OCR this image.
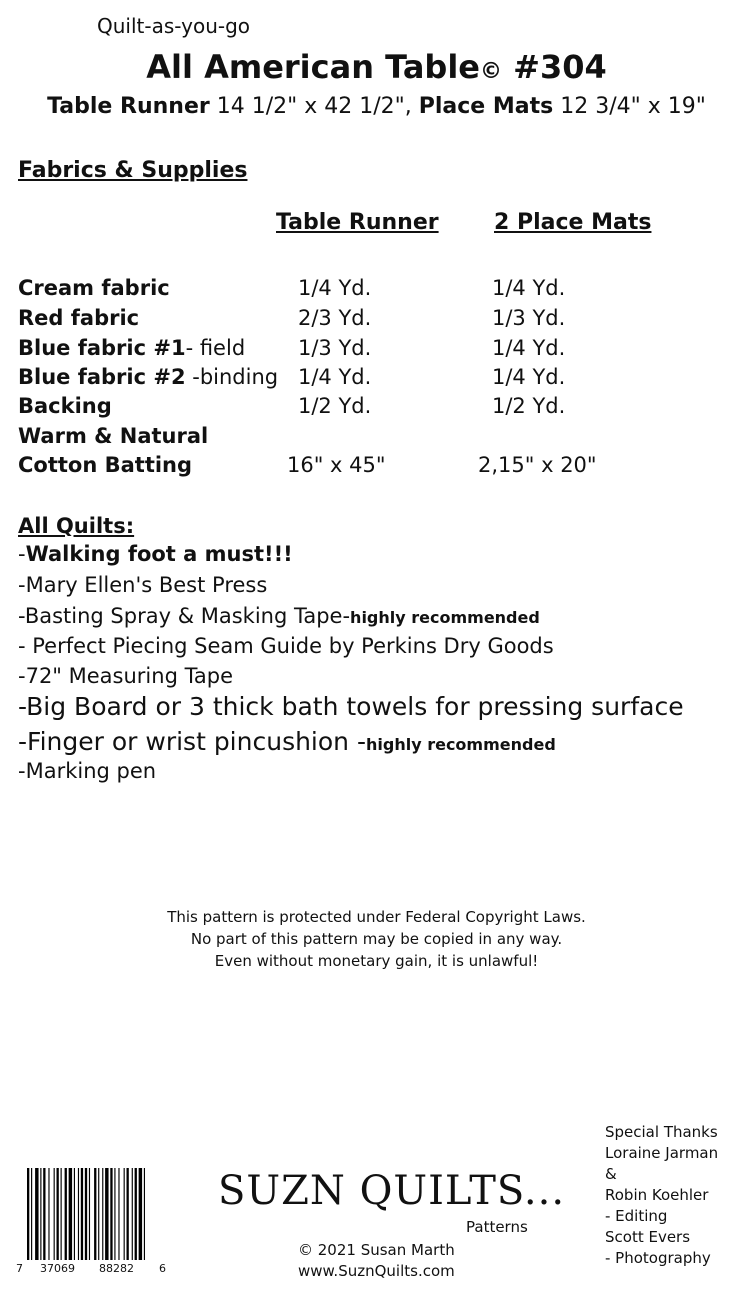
Quilt-as-you-go
All American Table© #304
Table Runner 14 1/2" x 42 1/2", Place Mats 12 3/4" x 19"
Fabrics & Supplies
Table Runner	2 Place Mats
Cream fabric	1/4 Yd.	1/4 Yd.
Red fabric	2/3 Yd.	1/3 Yd.
Blue fabric #1- field	1/3 Yd.	1/4 Yd.
Blue fabric #2 -binding 1/4 Yd.	1/4 Yd.
Backing	1/2 Yd.	1/2 Yd.
Warm & Natural
Cotton Batting	16" x 45"	2,15" x 20"
All Quilts:
-Walking foot a must!!!
-Mary Ellen's Best Press
-Basting Spray & Masking Tape-highly recommended
- Perfect Piecing Seam Guide by Perkins Dry Goods
-72" Measuring Tape
-Big Board or 3 thick bath towels for pressing surface
-Finger or wrist pincushion -highly recommended
-Marking pen
This pattern is protected under Federal Copyright Laws.
No part of this pattern may be copied in any way.
Even without monetary gain, it is unlawful!
7 37069 88282 6
SUZN QUILTS...
Patterns
© 2021 Susan Marth
www.SuznQuilts.com
Special Thanks
Loraine Jarman
&
Robin Koehler
- Editing
Scott Evers
- Photography
